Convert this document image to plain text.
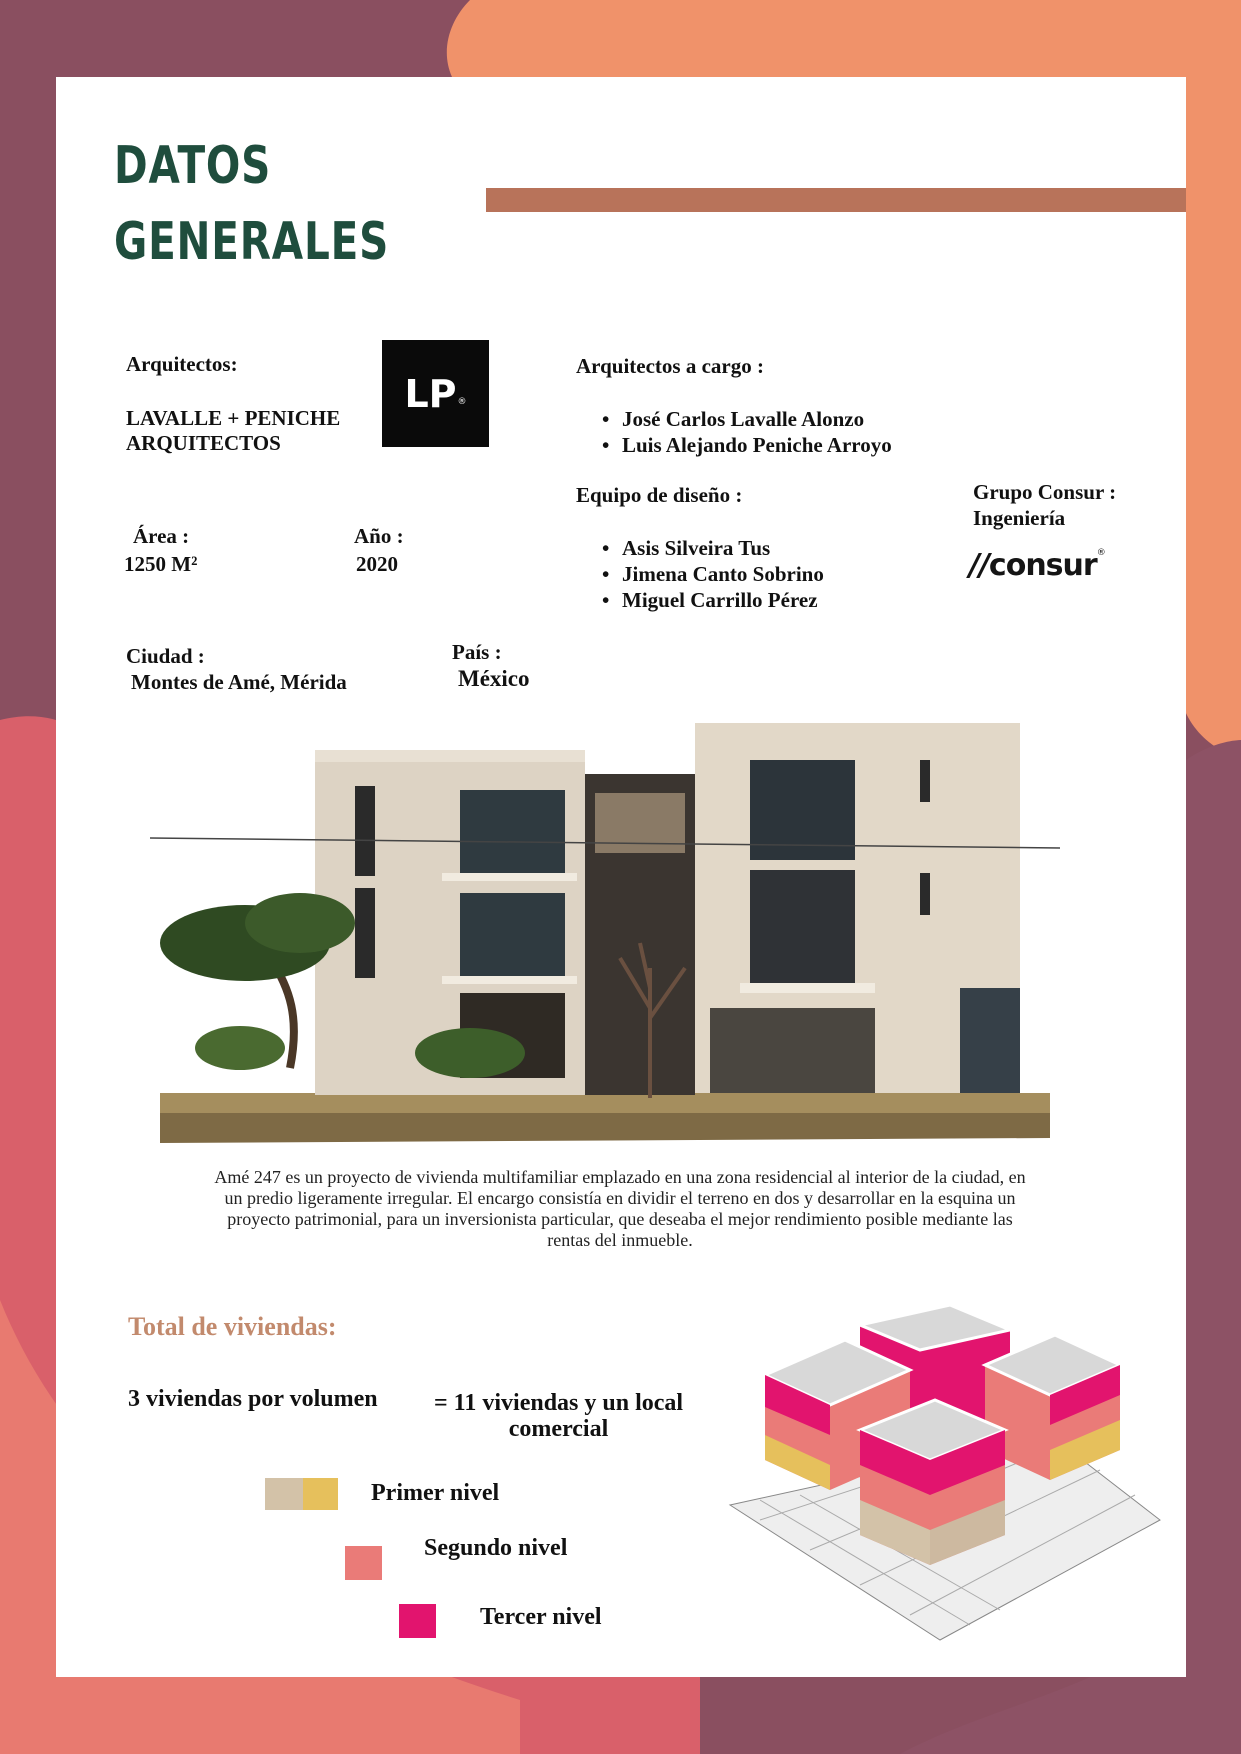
DATOS
GENERALES
Arquitectos:
LAVALLE + PENICHE
ARQUITECTOS
LP®
Área :
1250 M²
Año :
2020
Ciudad :
Montes de Amé, Mérida
País :
México
Arquitectos a cargo :
• José Carlos Lavalle Alonzo
• Luis Alejando Peniche Arroyo
Equipo de diseño :
• Asis Silveira Tus
• Jimena Canto Sobrino
• Miguel Carrillo Pérez
Grupo Consur :
Ingeniería
//consur®
Amé 247 es un proyecto de vivienda multifamiliar emplazado en una zona residencial al interior de la ciudad, en un predio ligeramente irregular. El encargo consistía en dividir el terreno en dos y desarrollar en la esquina un proyecto patrimonial, para un inversionista particular, que deseaba el mejor rendimiento posible mediante las rentas del inmueble.
Total de viviendas:
3 viviendas por volumen = 11 viviendas y un local
comercial
Primer nivel
Segundo nivel
Tercer nivel
